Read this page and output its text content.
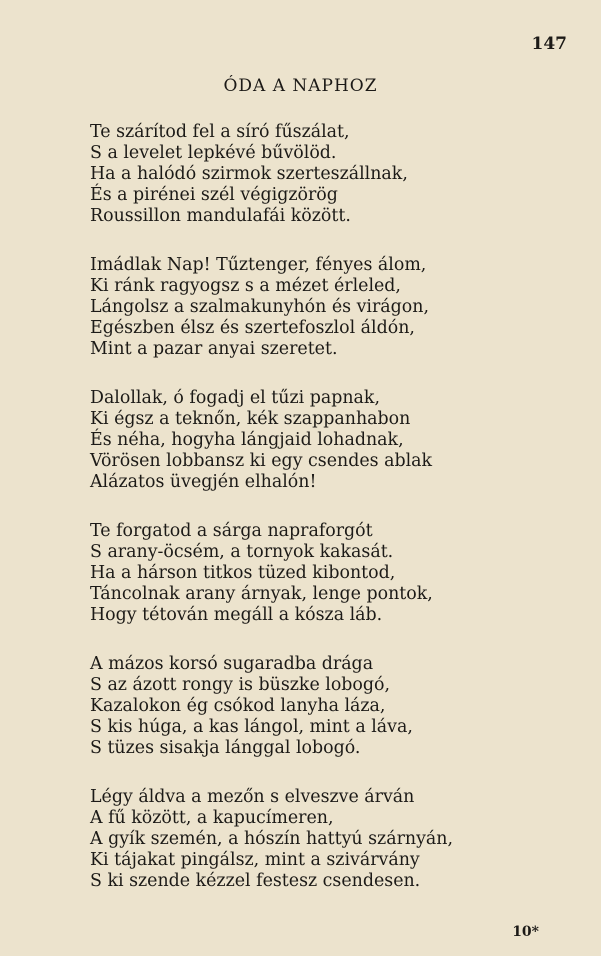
147
ÓDA A NAPHOZ
Te szárítod fel a síró fűszálat,
S a levelet lepkévé bűvölöd.
Ha a halódó szirmok szerteszállnak,
És a pirénei szél végigzörög
Roussillon mandulafái között.
Imádlak Nap! Tűztenger, fényes álom,
Ki ránk ragyogsz s a mézet érleled,
Lángolsz a szalmakunyhón és virágon,
Egészben élsz és szertefoszlol áldón,
Mint a pazar anyai szeretet.
Dalollak, ó fogadj el tűzi papnak,
Ki égsz a teknőn, kék szappanhabon
És néha, hogyha lángjaid lohadnak,
Vörösen lobbansz ki egy csendes ablak
Alázatos üvegjén elhalón!
Te forgatod a sárga napraforgót
S arany-öcsém, a tornyok kakasát.
Ha a hárson titkos tüzed kibontod,
Táncolnak arany árnyak, lenge pontok,
Hogy tétován megáll a kósza láb.
A mázos korsó sugaradba drága
S az ázott rongy is büszke lobogó,
Kazalokon ég csókod lanyha láza,
S kis húga, a kas lángol, mint a láva,
S tüzes sisakja lánggal lobogó.
Légy áldva a mezőn s elveszve árván
A fű között, a kapucímeren,
A gyík szemén, a hószín hattyú szárnyán,
Ki tájakat pingálsz, mint a szivárvány
S ki szende kézzel festesz csendesen.
10*
